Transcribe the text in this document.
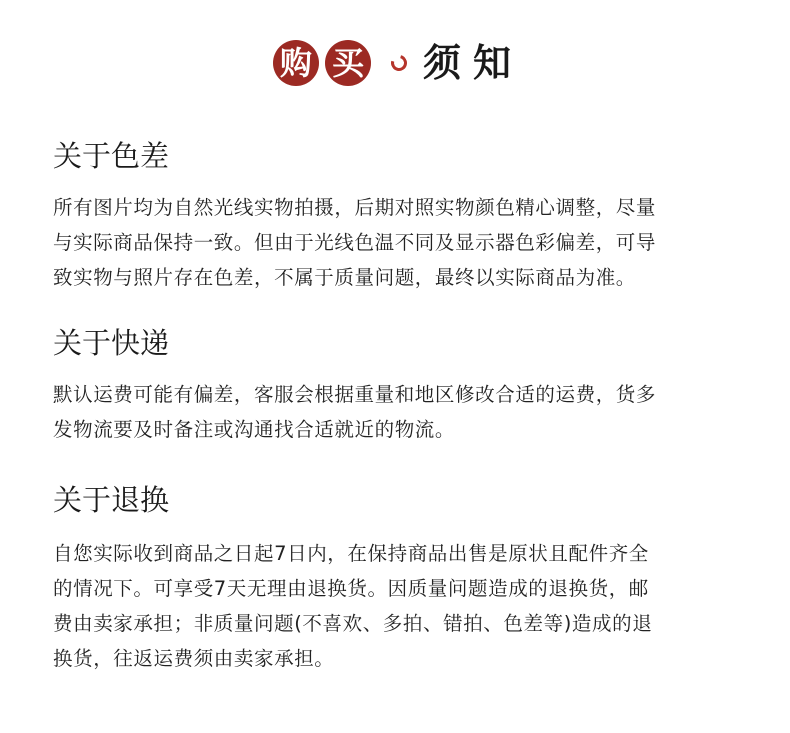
购 买 须 知
关于色差

所有图片均为自然光线实物拍摄，后期对照实物颜色精心调整，尽量
与实际商品保持一致。但由于光线色温不同及显示器色彩偏差，可导
致实物与照片存在色差，不属于质量问题，最终以实际商品为准。

关于快递

默认运费可能有偏差，客服会根据重量和地区修改合适的运费，货多
发物流要及时备注或沟通找合适就近的物流。

关于退换

自您实际收到商品之日起7日内，在保持商品出售是原状且配件齐全
的情况下。可享受7天无理由退换货。因质量问题造成的退换货，邮
费由卖家承担；非质量问题(不喜欢、多拍、错拍、色差等)造成的退
换货，往返运费须由卖家承担。
